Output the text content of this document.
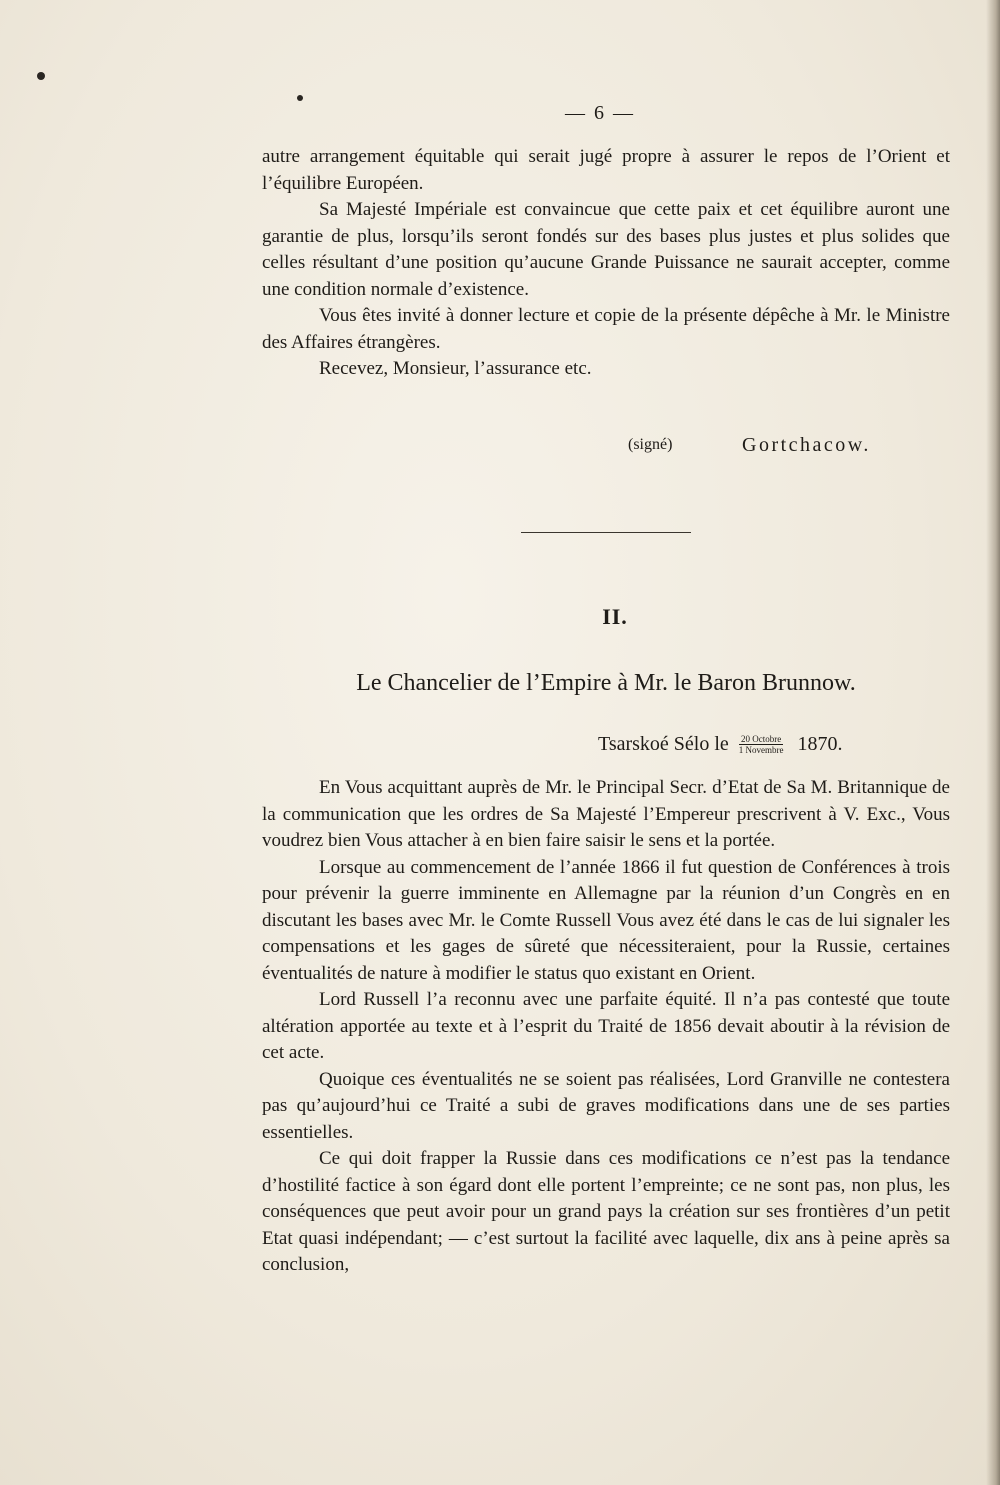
— 6 —

autre arrangement équitable qui serait jugé propre à assurer le repos de l’Orient et l’équilibre Européen.

Sa Majesté Impériale est convaincue que cette paix et cet équilibre auront une garantie de plus, lorsqu’ils seront fondés sur des bases plus justes et plus solides que celles résultant d’une position qu’aucune Grande Puissance ne saurait accepter, comme une condition normale d’existence.

Vous êtes invité à donner lecture et copie de la présente dépêche à Mr. le Ministre des Affaires étrangères.

Recevez, Monsieur, l’assurance etc.

(signé)	Gortchacow.
II.
Le Chancelier de l’Empire à Mr. le Baron Brunnow.
Tsarskoé Sélo le $\frac{\text{20 Octobre}}{\text{1 Novembre}} 1870$.

En Vous acquittant auprès de Mr. le Principal Secr. d’Etat de Sa M. Britannique de la communication que les ordres de Sa Majesté l’Empereur prescrivent à V. Exc., Vous voudrez bien Vous attacher à en bien faire saisir le sens et la portée.

Lorsque au commencement de l’année 1866 il fut question de Conférences à trois pour prévenir la guerre imminente en Allemagne par la réunion d’un Congrès en en discutant les bases avec Mr. le Comte Russell Vous avez été dans le cas de lui signaler les compensations et les gages de sûreté que nécessiteraient, pour la Russie, certaines éventualités de nature à modifier le status quo existant en Orient.

Lord Russell l’a reconnu avec une parfaite équité. Il n’a pas contesté que toute altération apportée au texte et à l’esprit du Traité de 1856 devait aboutir à la révision de cet acte.

Quoique ces éventualités ne se soient pas réalisées, Lord Granville ne contestera pas qu’aujourd’hui ce Traité a subi de graves modifications dans une de ses parties essentielles.

Ce qui doit frapper la Russie dans ces modifications ce n’est pas la tendance d’hostilité factice à son égard dont elle portent l’empreinte; ce ne sont pas, non plus, les conséquences que peut avoir pour un grand pays la création sur ses frontières d’un petit Etat quasi indépendant; — c’est surtout la facilité avec laquelle, dix ans à peine après sa conclusion,
